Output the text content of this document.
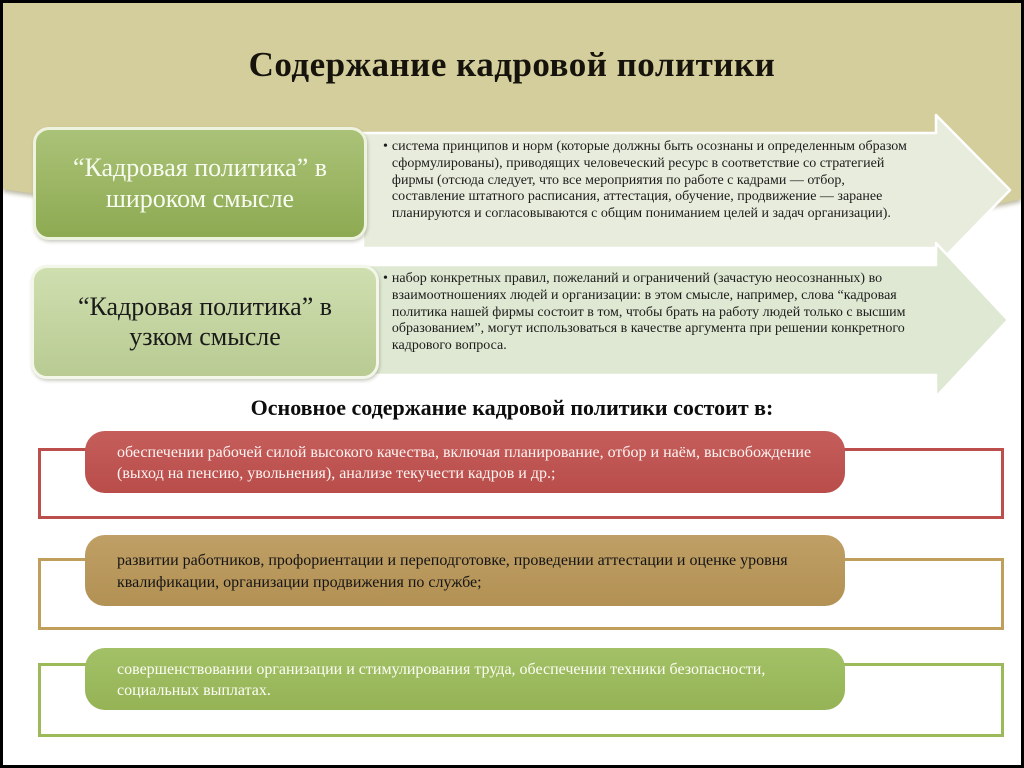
Содержание кадровой политики
• система принципов и норм (которые должны быть осознаны и определенным образом сформулированы), приводящих человеческий ресурс в соответствие со стратегией фирмы (отсюда следует, что все мероприятия по работе с кадрами — отбор, составление штатного расписания, аттестация, обучение, продвижение — заранее планируются и согласовываются с общим пониманием целей и задач организации).
• набор конкретных правил, пожеланий и ограничений (зачастую неосознанных) во взаимоотношениях людей и организации: в этом смысле, например, слова “кадровая политика нашей фирмы состоит в том, чтобы брать на работу людей только с высшим образованием”, могут использоваться в качестве аргумента при решении конкретного кадрового вопроса.
“Кадровая политика” в широком смысле
“Кадровая политика” в узком смысле
Основное содержание кадровой политики состоит в:
обеспечении рабочей силой высокого качества, включая планирование, отбор и наём, высвобождение (выход на пенсию, увольнения), анализе текучести кадров и др.;
развитии работников, профориентации и переподготовке, проведении аттестации и оценке уровня квалификации, организации продвижения по службе;
совершенствовании организации и стимулирования труда, обеспечении техники безопасности, социальных выплатах.
